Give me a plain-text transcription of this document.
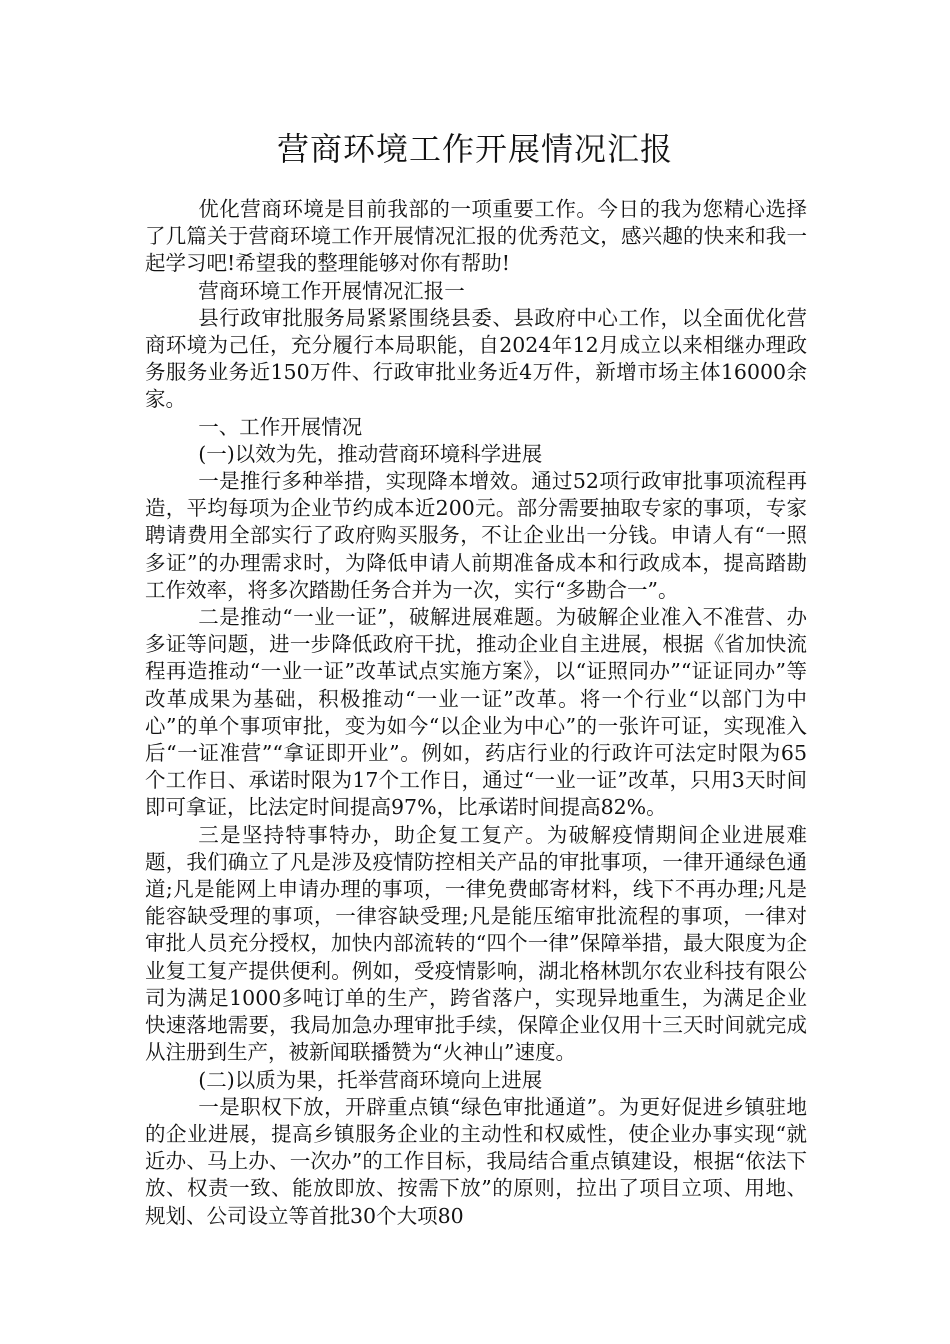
营商环境工作开展情况汇报

优化营商环境是目前我部的一项重要工作。今日的我为您精心选择了几篇关于营商环境工作开展情况汇报的优秀范文，感兴趣的快来和我一起学习吧!希望我的整理能够对你有帮助!

营商环境工作开展情况汇报一

县行政审批服务局紧紧围绕县委、县政府中心工作，以全面优化营商环境为己任，充分履行本局职能，自2024年12月成立以来相继办理政务服务业务近150万件、行政审批业务近4万件，新增市场主体16000余家。

一、工作开展情况

(一)以效为先，推动营商环境科学进展

一是推行多种举措，实现降本增效。通过52项行政审批事项流程再造，平均每项为企业节约成本近200元。部分需要抽取专家的事项，专家聘请费用全部实行了政府购买服务，不让企业出一分钱。申请人有“一照多证”的办理需求时，为降低申请人前期准备成本和行政成本，提高踏勘工作效率，将多次踏勘任务合并为一次，实行“多勘合一”。

二是推动“一业一证”，破解进展难题。为破解企业准入不准营、办多证等问题，进一步降低政府干扰，推动企业自主进展，根据《省加快流程再造推动“一业一证”改革试点实施方案》，以“证照同办”“证证同办”等改革成果为基础，积极推动“一业一证”改革。将一个行业“以部门为中心”的单个事项审批，变为如今“以企业为中心”的一张许可证，实现准入后“一证准营”“拿证即开业”。例如，药店行业的行政许可法定时限为65个工作日、承诺时限为17个工作日，通过“一业一证”改革，只用3天时间即可拿证，比法定时间提高97%，比承诺时间提高82%。

三是坚持特事特办，助企复工复产。为破解疫情期间企业进展难题，我们确立了凡是涉及疫情防控相关产品的审批事项，一律开通绿色通道;凡是能网上申请办理的事项，一律免费邮寄材料，线下不再办理;凡是能容缺受理的事项，一律容缺受理;凡是能压缩审批流程的事项，一律对审批人员充分授权，加快内部流转的“四个一律”保障举措，最大限度为企业复工复产提供便利。例如，受疫情影响，湖北格林凯尔农业科技有限公司为满足1000多吨订单的生产，跨省落户，实现异地重生，为满足企业快速落地需要，我局加急办理审批手续，保障企业仅用十三天时间就完成从注册到生产，被新闻联播赞为“火神山”速度。

(二)以质为果，托举营商环境向上进展

一是职权下放，开辟重点镇“绿色审批通道”。为更好促进乡镇驻地的企业进展，提高乡镇服务企业的主动性和权威性，使企业办事实现“就近办、马上办、一次办”的工作目标，我局结合重点镇建设，根据“依法下放、权责一致、能放即放、按需下放”的原则，拉出了项目立项、用地、规划、公司设立等首批30个大项80
